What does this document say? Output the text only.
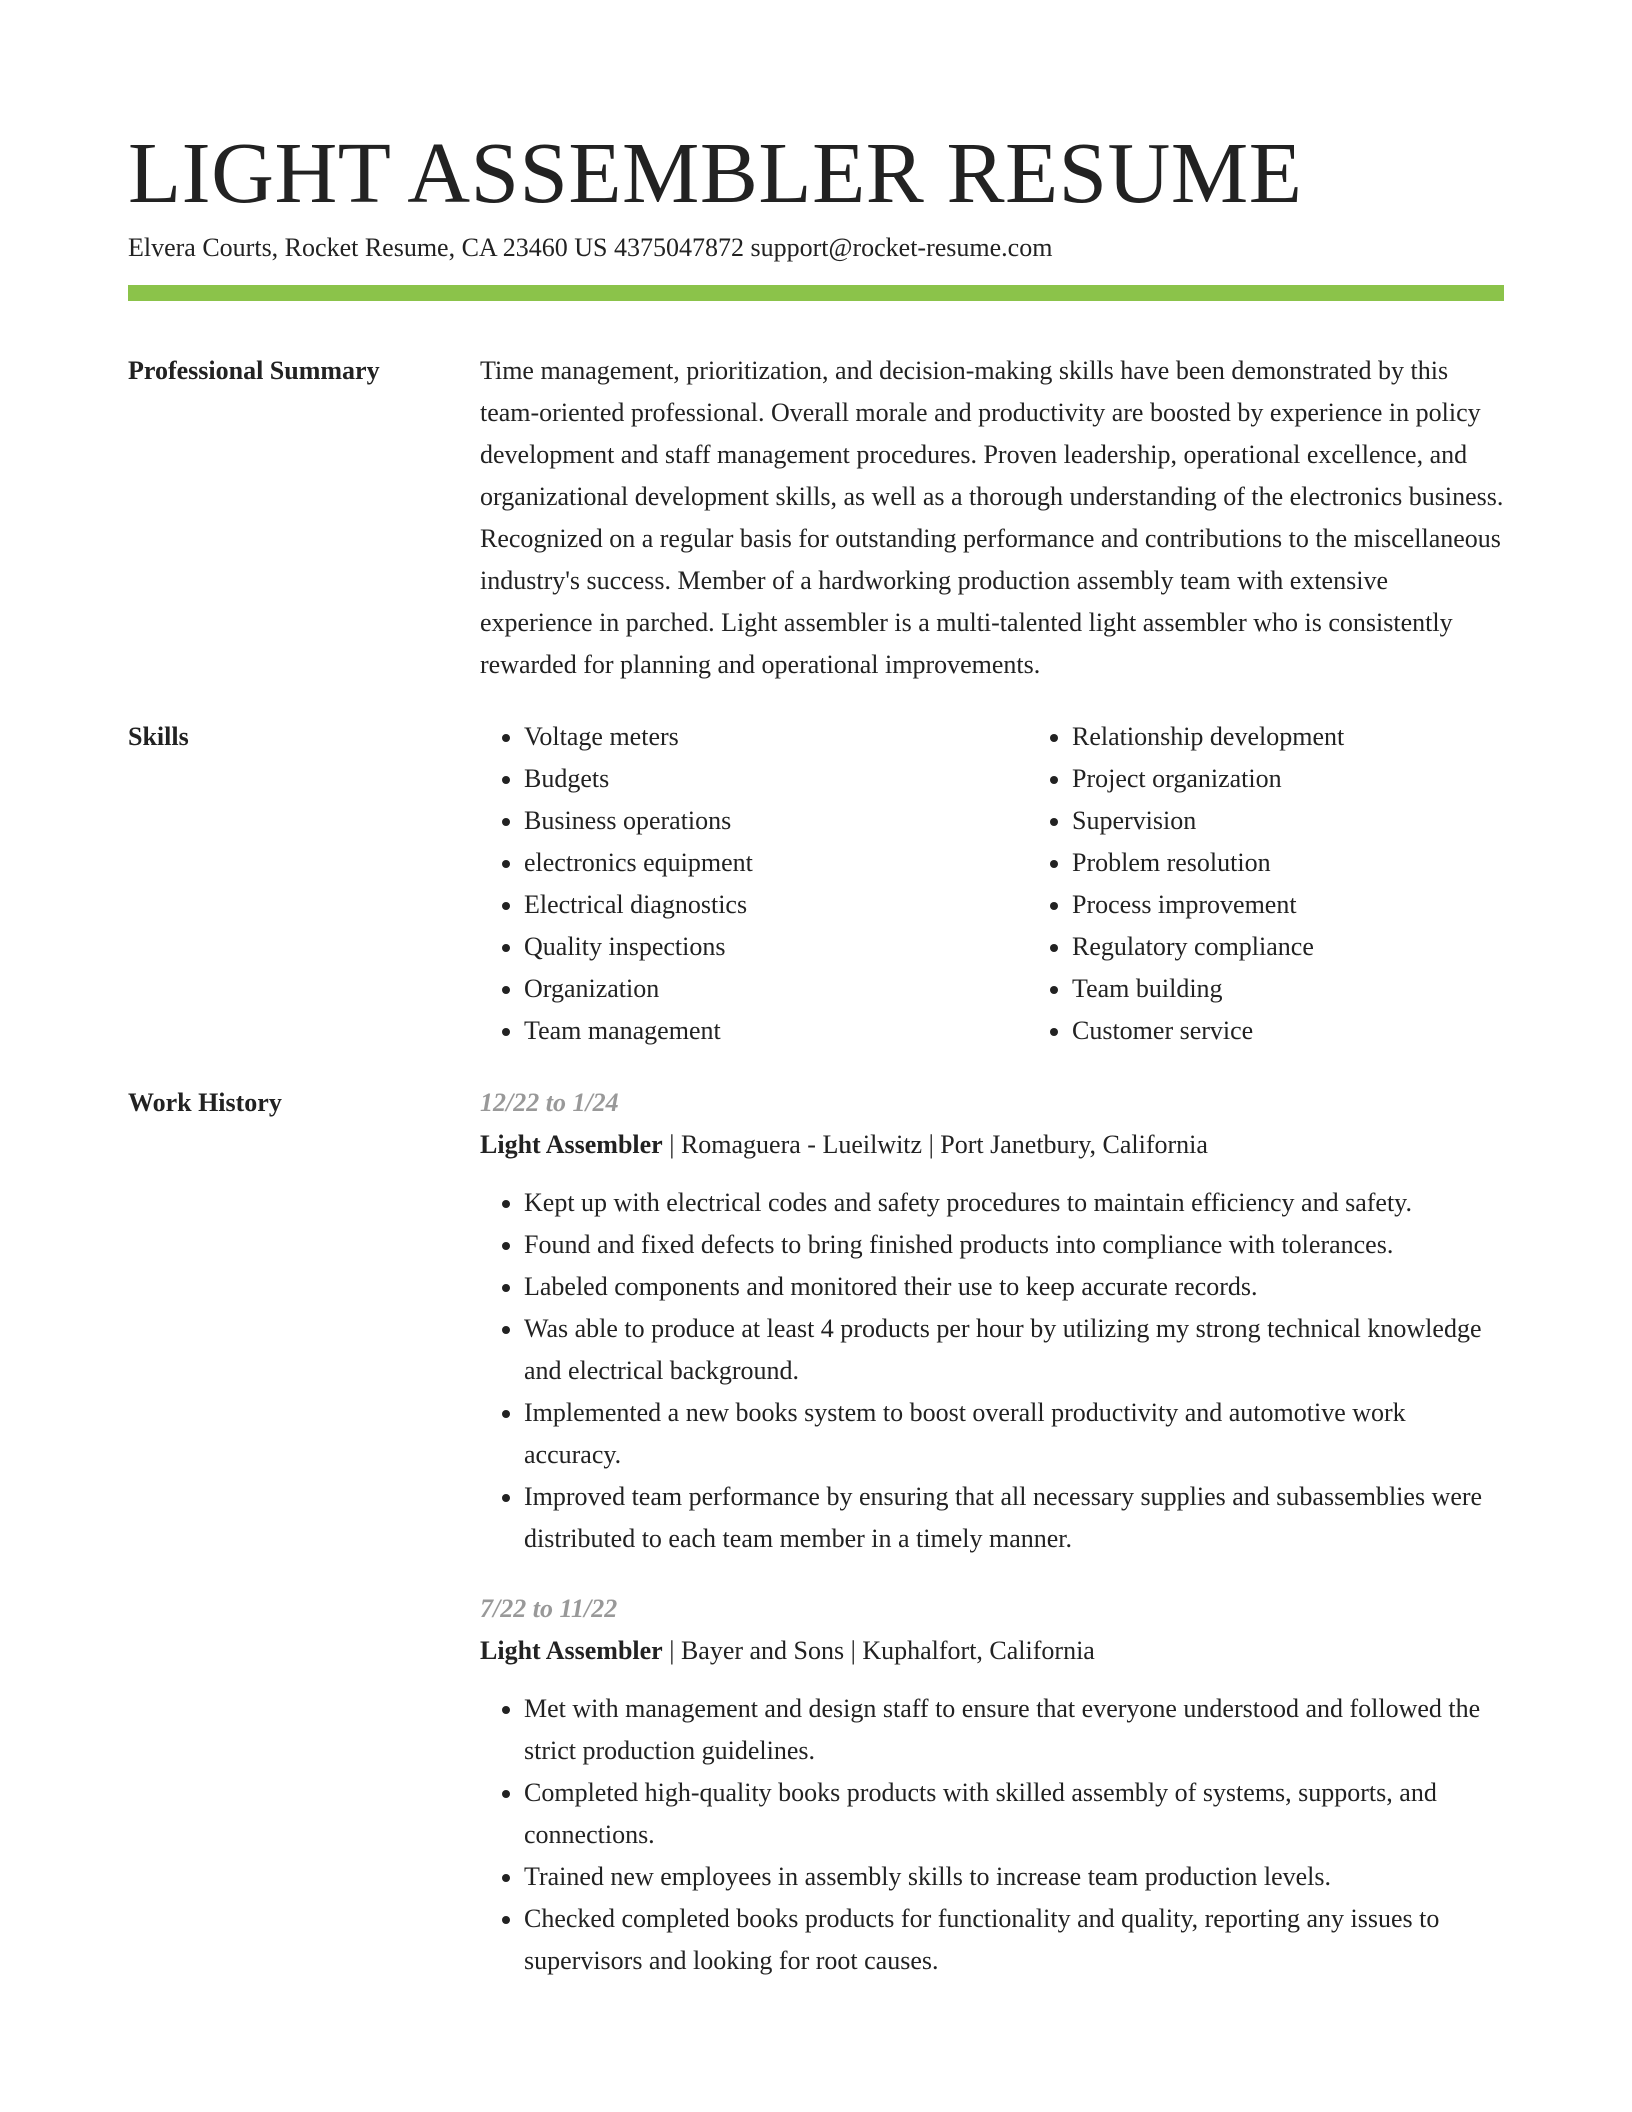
LIGHT ASSEMBLER RESUME
Elvera Courts, Rocket Resume, CA 23460 US 4375047872 support@rocket-resume.com
Professional Summary	Time management, prioritization, and decision-making skills have been demonstrated by this team-oriented professional. Overall morale and productivity are boosted by experience in policy development and staff management procedures. Proven leadership, operational excellence, and organizational development skills, as well as a thorough understanding of the electronics business. Recognized on a regular basis for outstanding performance and contributions to the miscellaneous industry's success. Member of a hardworking production assembly team with extensive experience in parched. Light assembler is a multi-talented light assembler who is consistently rewarded for planning and operational improvements.

Skills
•	Voltage meters
• Budgets
• Business operations
• electronics equipment
• Electrical diagnostics
• Quality inspections
• Organization
• Team management
• Relationship development
• Project organization
• Supervision
• Problem resolution
• Process improvement
• Regulatory compliance
• Team building
• Customer service
Work History	12/22 to 1/24

Light Assembler | Romaguera - Lueilwitz | Port Janetbury, California

• Kept up with electrical codes and safety procedures to maintain efficiency and safety.
• Found and fixed defects to bring finished products into compliance with tolerances.
• Labeled components and monitored their use to keep accurate records.
• Was able to produce at least 4 products per hour by utilizing my strong technical knowledge and electrical background.
• Implemented a new books system to boost overall productivity and automotive work accuracy.
• Improved team performance by ensuring that all necessary supplies and subassemblies were distributed to each team member in a timely manner.
7/22 to 11/22

Light Assembler | Bayer and Sons | Kuphalfort, California

• Met with management and design staff to ensure that everyone understood and followed the strict production guidelines.
• Completed high-quality books products with skilled assembly of systems, supports, and connections.
• Trained new employees in assembly skills to increase team production levels.
• Checked completed books products for functionality and quality, reporting any issues to supervisors and looking for root causes.
